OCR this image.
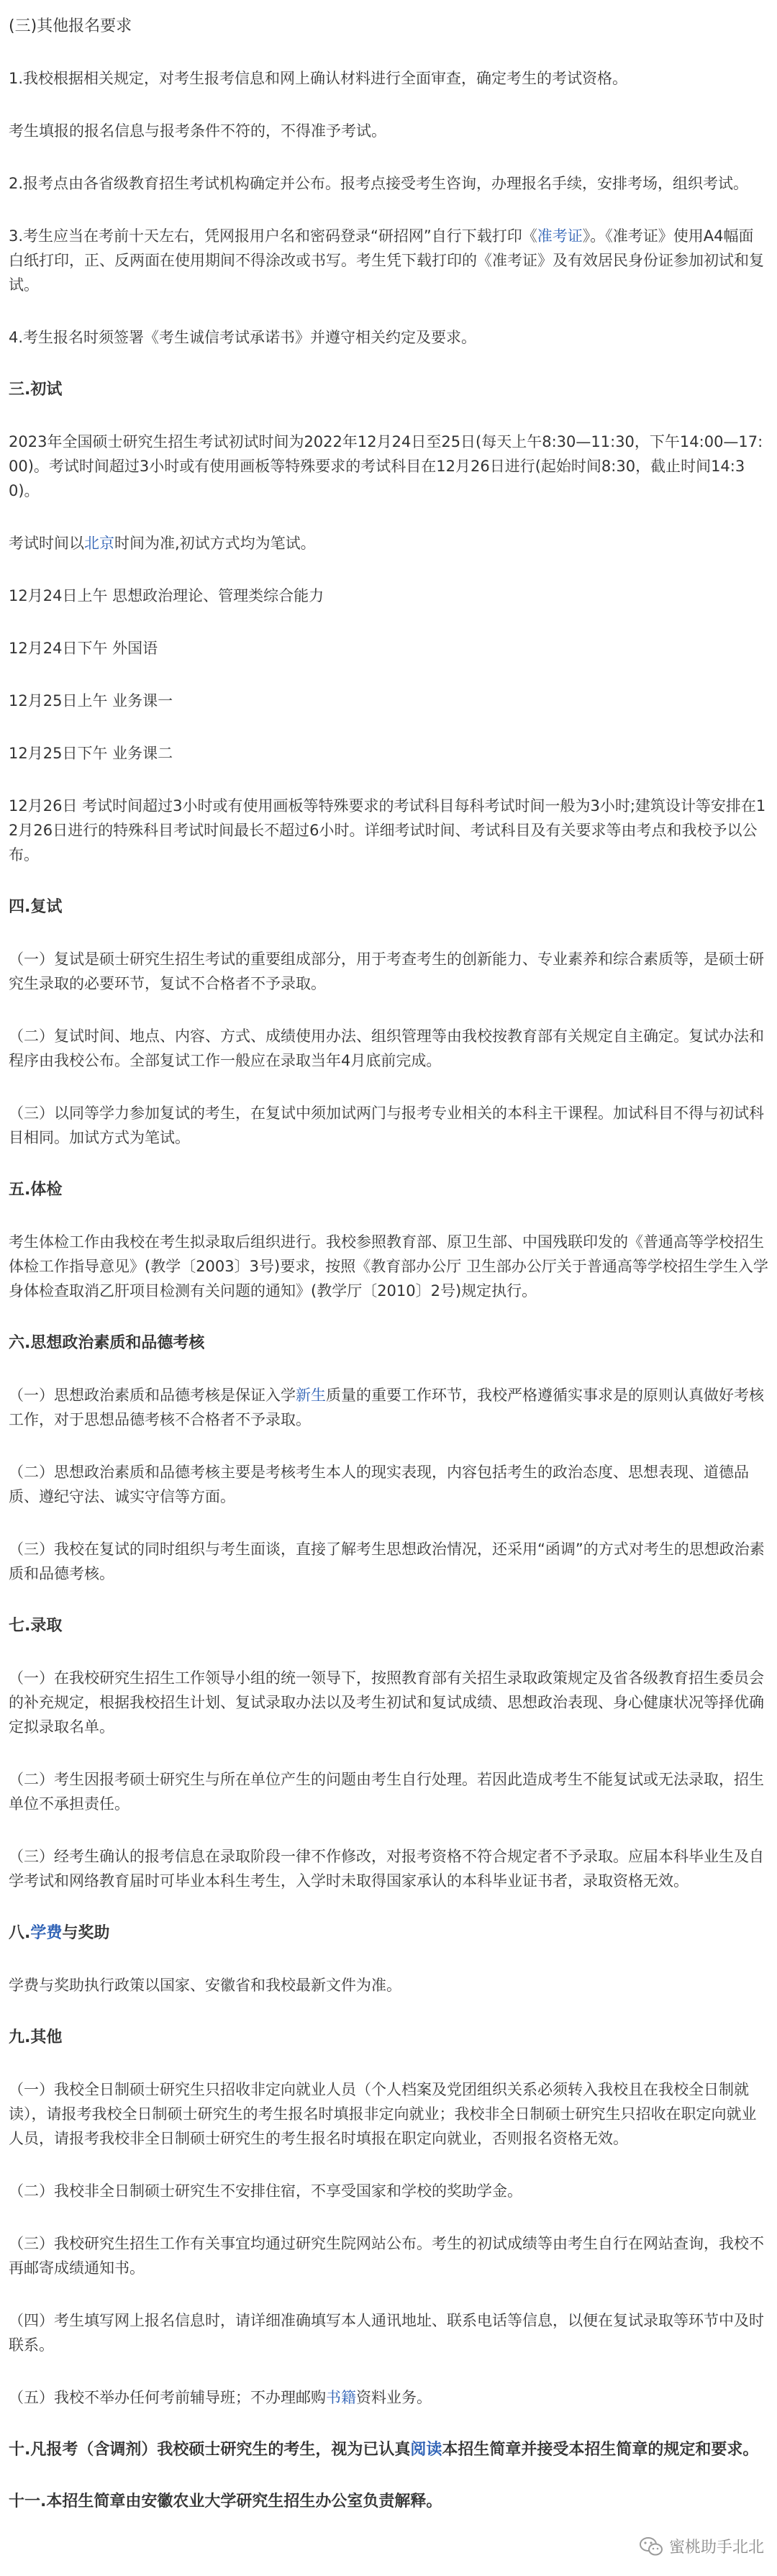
(三)其他报名要求

1.我校根据相关规定，对考生报考信息和网上确认材料进行全面审查，确定考生的考试资格。

考生填报的报名信息与报考条件不符的，不得准予考试。

2.报考点由各省级教育招生考试机构确定并公布。报考点接受考生咨询，办理报名手续，安排考场，组织考试。

3.考生应当在考前十天左右，凭网报用户名和密码登录“研招网”自行下载打印《准考证》。《准考证》使用A4幅面白纸打印，正、反两面在使用期间不得涂改或书写。考生凭下载打印的《准考证》及有效居民身份证参加初试和复试。

4.考生报名时须签署《考生诚信考试承诺书》并遵守相关约定及要求。

三.初试

2023年全国硕士研究生招生考试初试时间为2022年12月24日至25日(每天上午8:30—11:30，下午14:00—17:00)。考试时间超过3小时或有使用画板等特殊要求的考试科目在12月26日进行(起始时间8:30，截止时间14:30)。

考试时间以北京时间为准,初试方式均为笔试。

12月24日上午 思想政治理论、管理类综合能力

12月24日下午 外国语

12月25日上午 业务课一

12月25日下午 业务课二

12月26日 考试时间超过3小时或有使用画板等特殊要求的考试科目每科考试时间一般为3小时;建筑设计等安排在12月26日进行的特殊科目考试时间最长不超过6小时。详细考试时间、考试科目及有关要求等由考点和我校予以公布。

四.复试

（一）复试是硕士研究生招生考试的重要组成部分，用于考查考生的创新能力、专业素养和综合素质等，是硕士研究生录取的必要环节，复试不合格者不予录取。

（二）复试时间、地点、内容、方式、成绩使用办法、组织管理等由我校按教育部有关规定自主确定。复试办法和程序由我校公布。全部复试工作一般应在录取当年4月底前完成。

（三）以同等学力参加复试的考生，在复试中须加试两门与报考专业相关的本科主干课程。加试科目不得与初试科目相同。加试方式为笔试。

五.体检

考生体检工作由我校在考生拟录取后组织进行。我校参照教育部、原卫生部、中国残联印发的《普通高等学校招生体检工作指导意见》(教学〔2003〕3号)要求，按照《教育部办公厅 卫生部办公厅关于普通高等学校招生学生入学身体检查取消乙肝项目检测有关问题的通知》(教学厅〔2010〕2号)规定执行。

六.思想政治素质和品德考核

（一）思想政治素质和品德考核是保证入学新生质量的重要工作环节，我校严格遵循实事求是的原则认真做好考核工作，对于思想品德考核不合格者不予录取。

（二）思想政治素质和品德考核主要是考核考生本人的现实表现，内容包括考生的政治态度、思想表现、道德品质、遵纪守法、诚实守信等方面。

（三）我校在复试的同时组织与考生面谈，直接了解考生思想政治情况，还采用“函调”的方式对考生的思想政治素质和品德考核。

七.录取

（一）在我校研究生招生工作领导小组的统一领导下，按照教育部有关招生录取政策规定及省各级教育招生委员会的补充规定，根据我校招生计划、复试录取办法以及考生初试和复试成绩、思想政治表现、身心健康状况等择优确定拟录取名单。

（二）考生因报考硕士研究生与所在单位产生的问题由考生自行处理。若因此造成考生不能复试或无法录取，招生单位不承担责任。

（三）经考生确认的报考信息在录取阶段一律不作修改，对报考资格不符合规定者不予录取。应届本科毕业生及自学考试和网络教育届时可毕业本科生考生，入学时未取得国家承认的本科毕业证书者，录取资格无效。

八.学费与奖助

学费与奖助执行政策以国家、安徽省和我校最新文件为准。

九.其他

（一）我校全日制硕士研究生只招收非定向就业人员（个人档案及党团组织关系必须转入我校且在我校全日制就读），请报考我校全日制硕士研究生的考生报名时填报非定向就业；我校非全日制硕士研究生只招收在职定向就业人员，请报考我校非全日制硕士研究生的考生报名时填报在职定向就业，否则报名资格无效。

（二）我校非全日制硕士研究生不安排住宿，不享受国家和学校的奖助学金。

（三）我校研究生招生工作有关事宜均通过研究生院网站公布。考生的初试成绩等由考生自行在网站查询，我校不再邮寄成绩通知书。

（四）考生填写网上报名信息时，请详细准确填写本人通讯地址、联系电话等信息，以便在复试录取等环节中及时联系。

（五）我校不举办任何考前辅导班；不办理邮购书籍资料业务。

十.凡报考（含调剂）我校硕士研究生的考生，视为已认真阅读本招生简章并接受本招生简章的规定和要求。
十一.本招生简章由安徽农业大学研究生招生办公室负责解释。
蜜桃助手北北
